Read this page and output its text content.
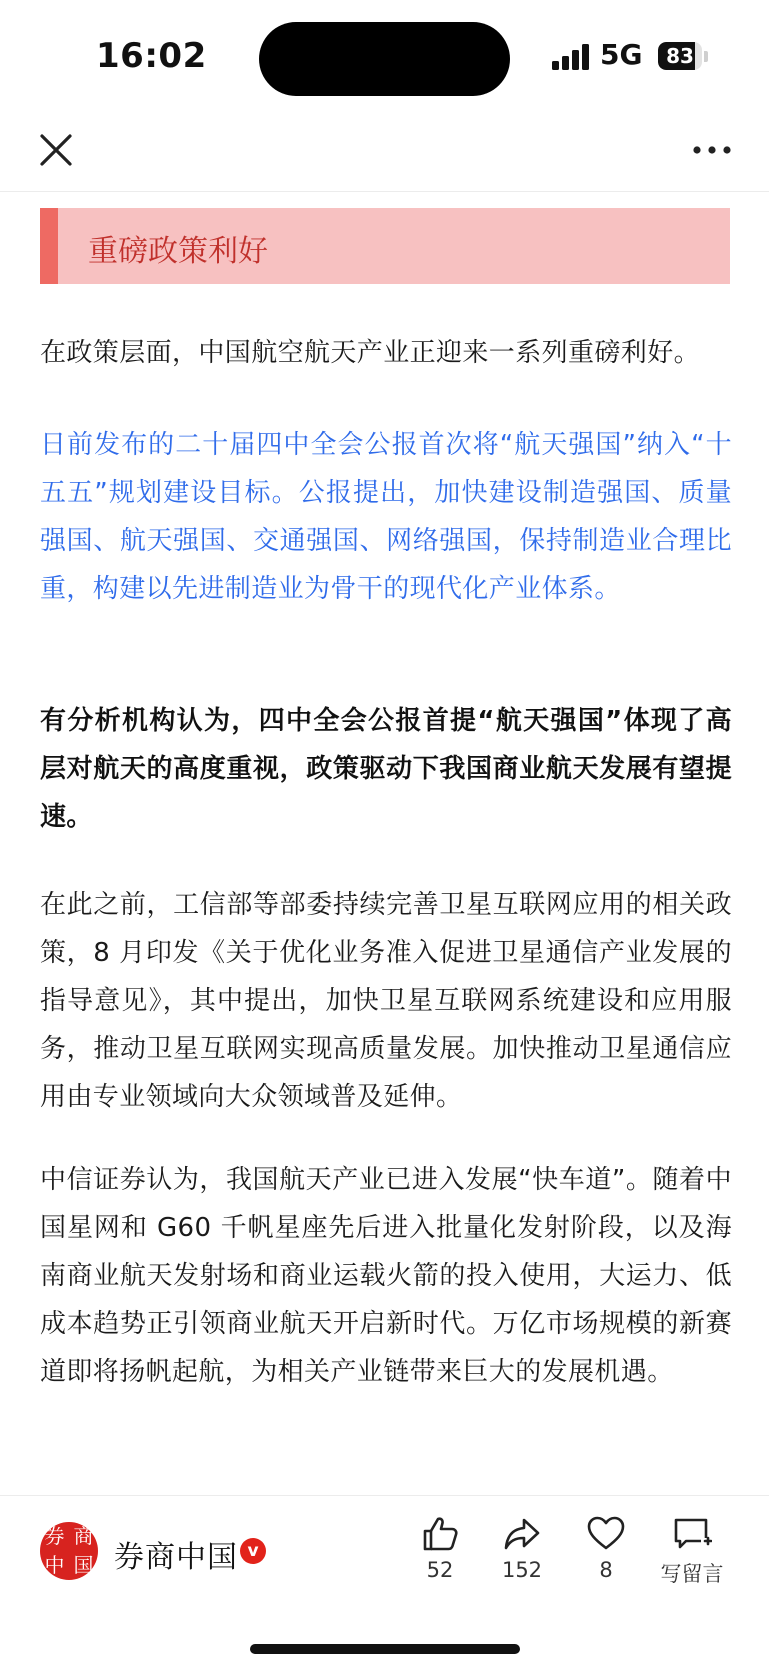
16:02	5G	83
重磅政策利好

在政策层面，中国航空航天产业正迎来一系列重磅利好。

日前发布的二十届四中全会公报首次将“航天强国”纳入“十五五”规划建设目标。公报提出，加快建设制造强国、质量强国、航天强国、交通强国、网络强国，保持制造业合理比重，构建以先进制造业为骨干的现代化产业体系。

有分析机构认为，四中全会公报首提“航天强国”体现了高层对航天的高度重视，政策驱动下我国商业航天发展有望提速。

在此之前，工信部等部委持续完善卫星互联网应用的相关政策，8 月印发《关于优化业务准入促进卫星通信产业发展的指导意见》，其中提出，加快卫星互联网系统建设和应用服务，推动卫星互联网实现高质量发展。加快推动卫星通信应用由专业领域向大众领域普及延伸。

中信证券认为，我国航天产业已进入发展“快车道”。随着中国星网和 G60 千帆星座先后进入批量化发射阶段，以及海南商业航天发射场和商业运载火箭的投入使用，大运力、低成本趋势正引领商业航天开启新时代。万亿市场规模的新赛道即将扬帆起航，为相关产业链带来巨大的发展机遇。

券 商
中 国 券商中国 v
52	152	8	写留言
